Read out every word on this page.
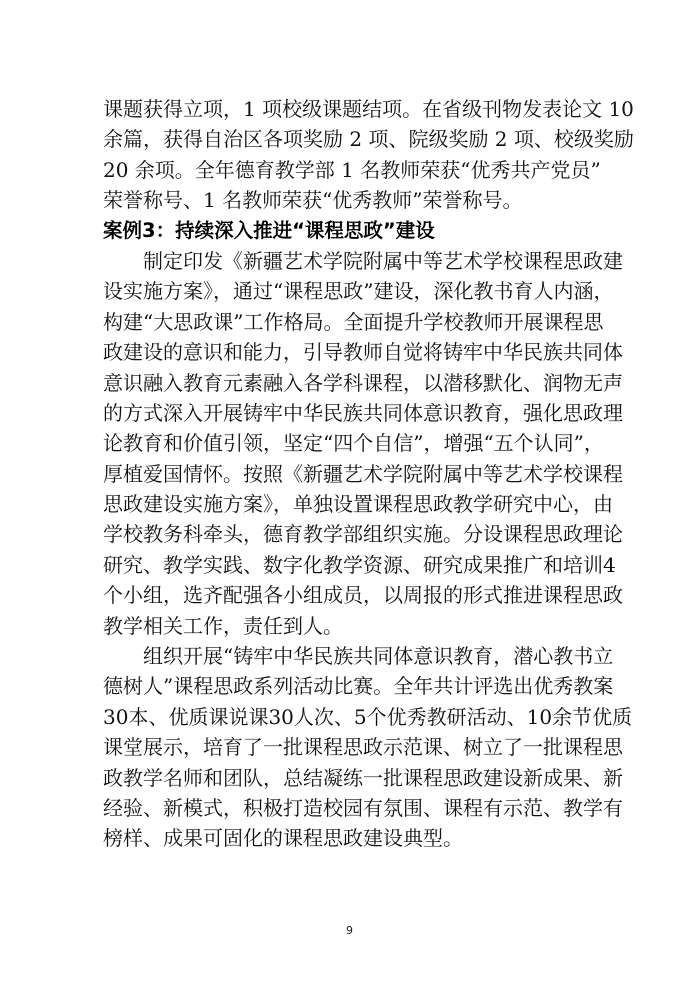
课题获得立项，1 项校级课题结项。在省级刊物发表论文 10
余篇，获得自治区各项奖励 2 项、院级奖励 2 项、校级奖励
20 余项。全年德育教学部 1 名教师荣获“优秀共产党员”
荣誉称号、1 名教师荣获“优秀教师”荣誉称号。
案例3：持续深入推进“课程思政”建设
制定印发《新疆艺术学院附属中等艺术学校课程思政建
设实施方案》，通过“课程思政”建设，深化教书育人内涵，
构建“大思政课”工作格局。全面提升学校教师开展课程思
政建设的意识和能力，引导教师自觉将铸牢中华民族共同体
意识融入教育元素融入各学科课程，以潜移默化、润物无声
的方式深入开展铸牢中华民族共同体意识教育，强化思政理
论教育和价值引领，坚定“四个自信”，增强“五个认同”，
厚植爱国情怀。按照《新疆艺术学院附属中等艺术学校课程
思政建设实施方案》，单独设置课程思政教学研究中心，由
学校教务科牵头，德育教学部组织实施。分设课程思政理论
研究、教学实践、数字化教学资源、研究成果推广和培训4
个小组，选齐配强各小组成员，以周报的形式推进课程思政
教学相关工作，责任到人。
组织开展“铸牢中华民族共同体意识教育，潜心教书立
德树人”课程思政系列活动比赛。全年共计评选出优秀教案
30本、优质课说课30人次、5个优秀教研活动、10余节优质
课堂展示，培育了一批课程思政示范课、树立了一批课程思
政教学名师和团队，总结凝练一批课程思政建设新成果、新
经验、新模式，积极打造校园有氛围、课程有示范、教学有
榜样、成果可固化的课程思政建设典型。
9
